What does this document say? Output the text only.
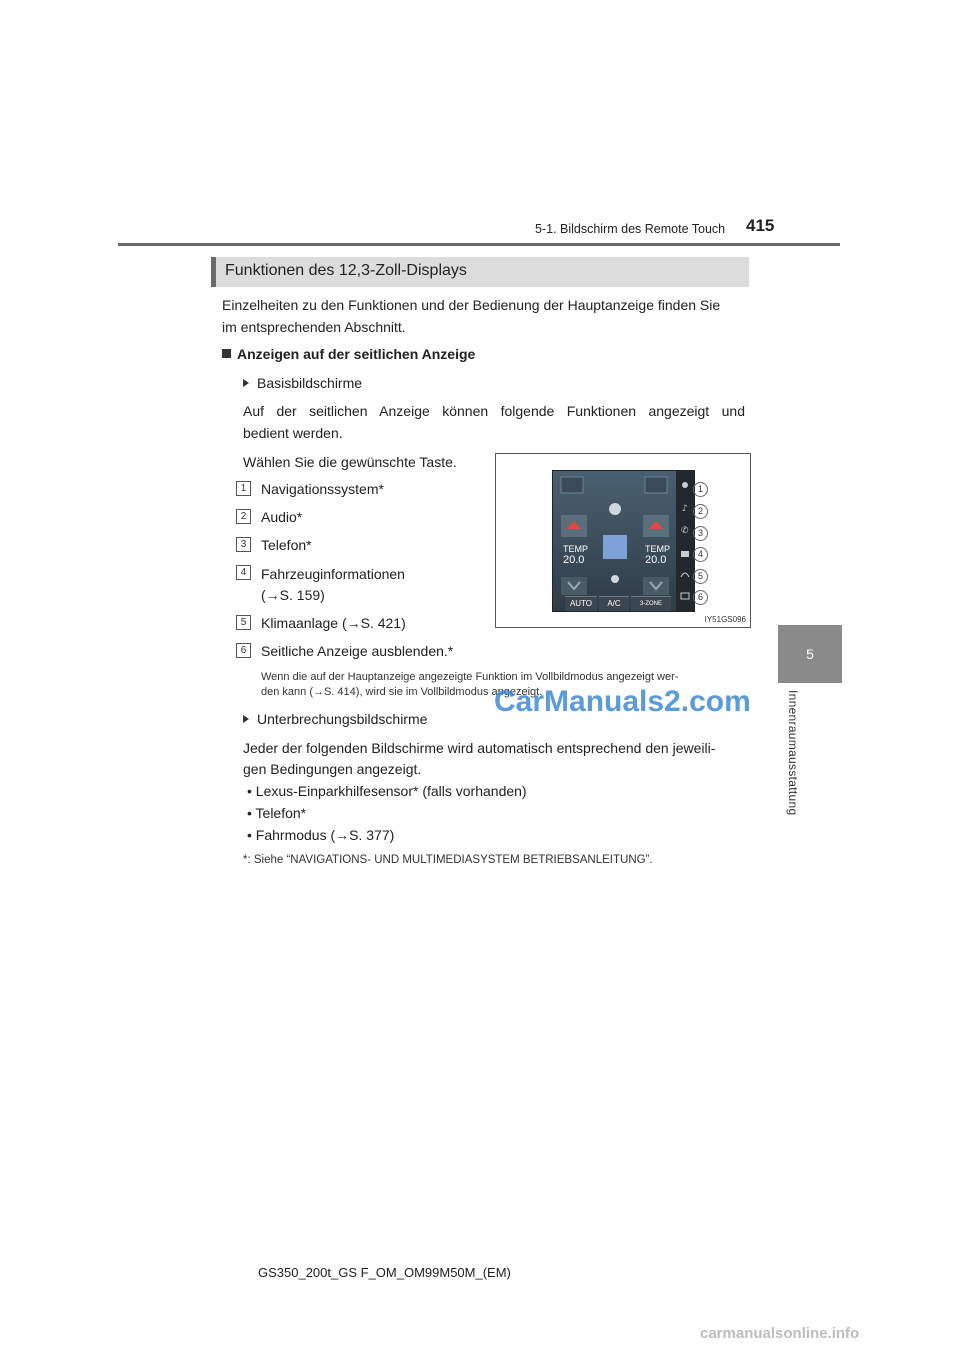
5-1. Bildschirm des Remote Touch 415
5
Innenraumausstattung
Funktionen des 12,3-Zoll-Displays
Einzelheiten zu den Funktionen und der Bedienung der Hauptanzeige finden Sie
im entsprechenden Abschnitt.
Anzeigen auf der seitlichen Anzeige
Basisbildschirme
Auf der seitlichen Anzeige können folgende Funktionen angezeigt und
bedient werden.
Wählen Sie die gewünschte Taste.
1	Navigationssystem*
2	Audio*
3	Telefon*
4	Fahrzeuginformationen
(→S. 159)
5	Klimaanlage (→S. 421)
6	Seitliche Anzeige ausblenden.*
Wenn die auf der Hauptanzeige angezeigte Funktion im Vollbildmodus angezeigt wer-
den kann (→S. 414), wird sie im Vollbildmodus angezeigt.
Unterbrechungsbildschirme
Jeder der folgenden Bildschirme wird automatisch entsprechend den jeweili-
gen Bedingungen angezeigt.
• Lexus-Einparkhilfesensor* (falls vorhanden)
• Telefon*
• Fahrmodus (→S. 377)
*: Siehe “NAVIGATIONS- UND MULTIMEDIASYSTEM BETRIEBSANLEITUNG”.
TEMP
20.0
TEMP
20.0
AUTO	A/C	3-ZONE
♪
✆
1
2
3
4
5
6
IY51GS096
CarManuals2.com
carmanualsonline.info
GS350_200t_GS F_OM_OM99M50M_(EM)
